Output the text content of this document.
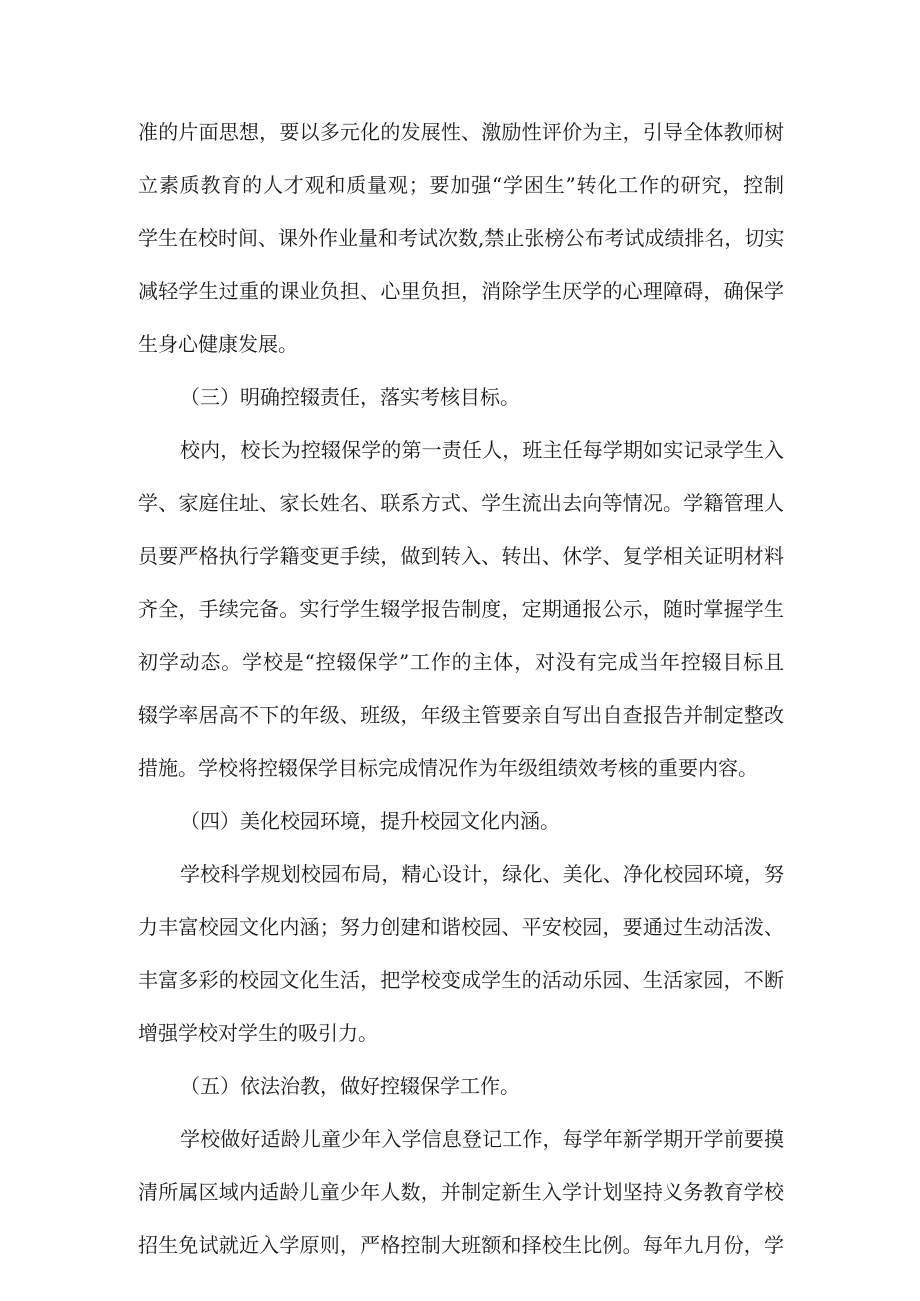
准的片面思想，要以多元化的发展性、激励性评价为主，引导全体教师树

立素质教育的人才观和质量观；要加强“学困生”转化工作的研究，控制

学生在校时间、课外作业量和考试次数,禁止张榜公布考试成绩排名，切实

减轻学生过重的课业负担、心里负担，消除学生厌学的心理障碍，确保学

生身心健康发展。

（三）明确控辍责任，落实考核目标。

校内，校长为控辍保学的第一责任人，班主任每学期如实记录学生入

学、家庭住址、家长姓名、联系方式、学生流出去向等情况。学籍管理人

员要严格执行学籍变更手续，做到转入、转出、休学、复学相关证明材料

齐全，手续完备。实行学生辍学报告制度，定期通报公示，随时掌握学生

初学动态。学校是“控辍保学”工作的主体，对没有完成当年控辍目标且

辍学率居高不下的年级、班级，年级主管要亲自写出自查报告并制定整改

措施。学校将控辍保学目标完成情况作为年级组绩效考核的重要内容。

（四）美化校园环境，提升校园文化内涵。

学校科学规划校园布局，精心设计，绿化、美化、净化校园环境，努

力丰富校园文化内涵；努力创建和谐校园、平安校园，要通过生动活泼、

丰富多彩的校园文化生活，把学校变成学生的活动乐园、生活家园，不断

增强学校对学生的吸引力。

（五）依法治教，做好控辍保学工作。

学校做好适龄儿童少年入学信息登记工作，每学年新学期开学前要摸

清所属区域内适龄儿童少年人数，并制定新生入学计划坚持义务教育学校

招生免试就近入学原则，严格控制大班额和择校生比例。每年九月份，学
